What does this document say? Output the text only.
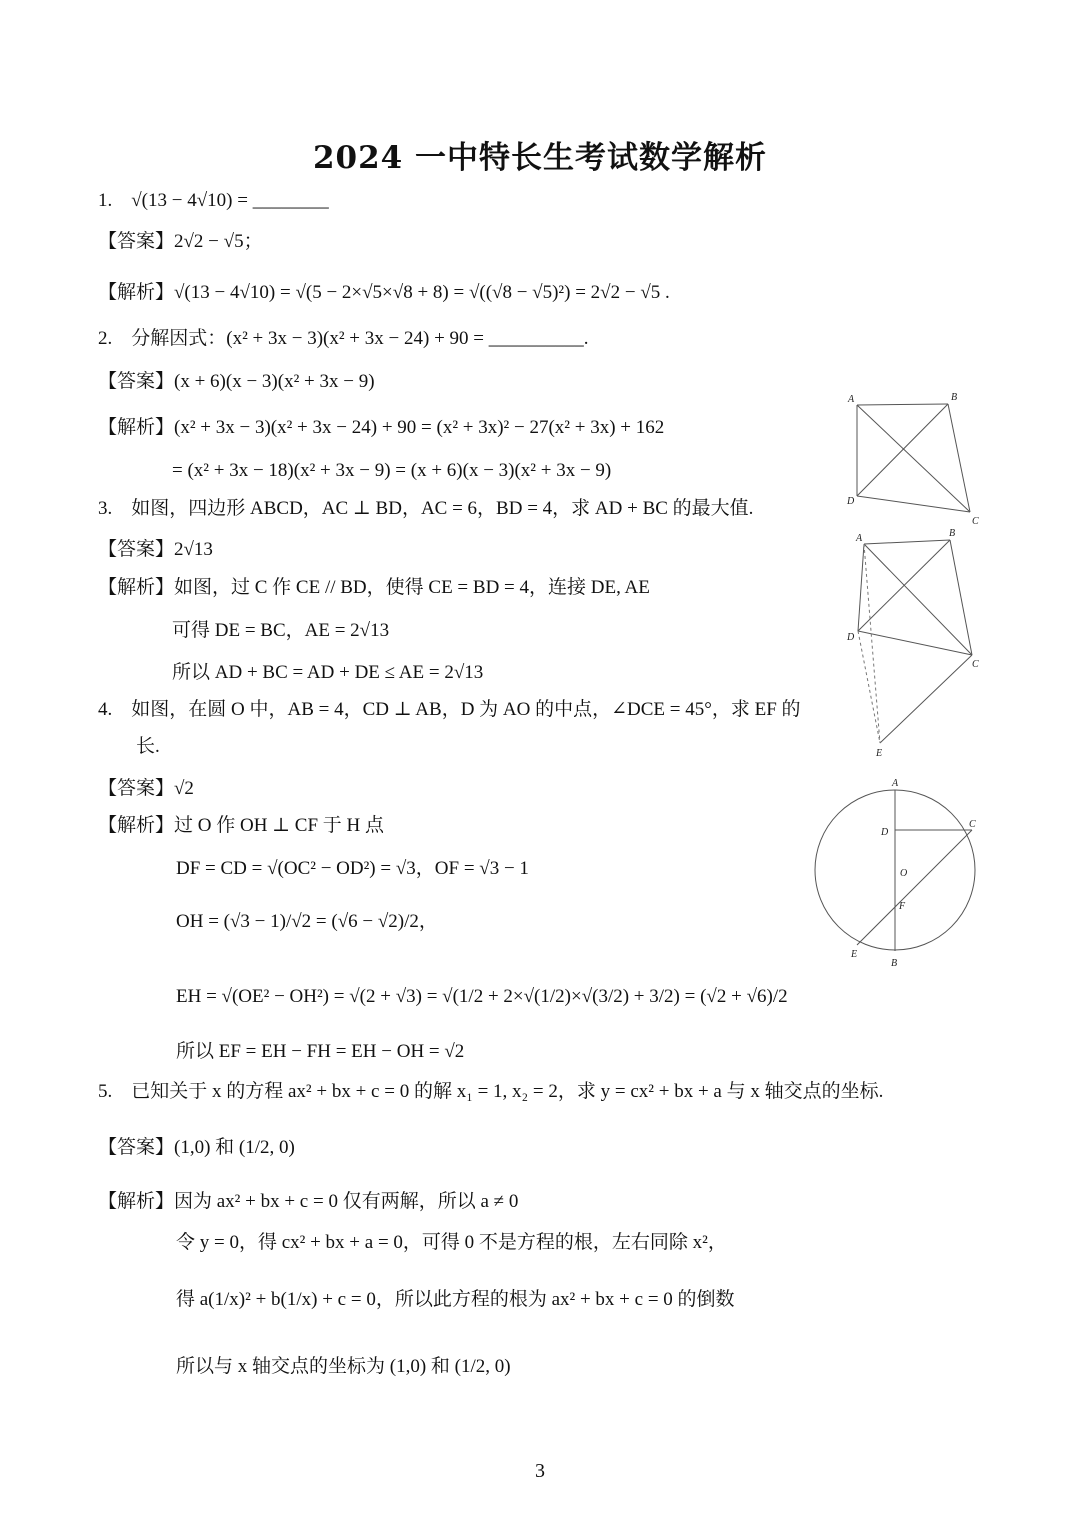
2024 一中特长生考试数学解析
1.　√(13 − 4√10) = ________
【答案】2√2 − √5；
【解析】√(13 − 4√10) = √(5 − 2×√5×√8 + 8) = √((√8 − √5)²) = 2√2 − √5 .
2.　分解因式：(x² + 3x − 3)(x² + 3x − 24) + 90 = __________.
【答案】(x + 6)(x − 3)(x² + 3x − 9)
【解析】(x² + 3x − 3)(x² + 3x − 24) + 90 = (x² + 3x)² − 27(x² + 3x) + 162
= (x² + 3x − 18)(x² + 3x − 9) = (x + 6)(x − 3)(x² + 3x − 9)
3.　如图，四边形 ABCD，AC ⊥ BD，AC = 6，BD = 4，求 AD + BC 的最大值.
【答案】2√13
【解析】如图，过 C 作 CE // BD，使得 CE = BD = 4，连接 DE, AE
可得 DE = BC，AE = 2√13
所以 AD + BC = AD + DE ≤ AE = 2√13
4.　如图，在圆 O 中，AB = 4，CD ⊥ AB，D 为 AO 的中点，∠DCE = 45°，求 EF 的
长.
【答案】√2
【解析】过 O 作 OH ⊥ CF 于 H 点
DF = CD = √(OC² − OD²) = √3，OF = √3 − 1
OH = (√3 − 1)/√2 = (√6 − √2)/2，
EH = √(OE² − OH²) = √(2 + √3) = √(1/2 + 2×√(1/2)×√(3/2) + 3/2) = (√2 + √6)/2
所以 EF = EH − FH = EH − OH = √2
5.　已知关于 x 的方程 ax² + bx + c = 0 的解 x₁ = 1, x₂ = 2，求 y = cx² + bx + a 与 x 轴交点的坐标.
【答案】(1,0) 和 (1/2, 0)
【解析】因为 ax² + bx + c = 0 仅有两解，所以 a ≠ 0
令 y = 0，得 cx² + bx + a = 0，可得 0 不是方程的根，左右同除 x²，
得 a(1/x)² + b(1/x) + c = 0，所以此方程的根为 ax² + bx + c = 0 的倒数
所以与 x 轴交点的坐标为 (1,0) 和 (1/2, 0)
A	B
C
D
A	B
C
D
E
A
B
C
D
O
F
E
3
